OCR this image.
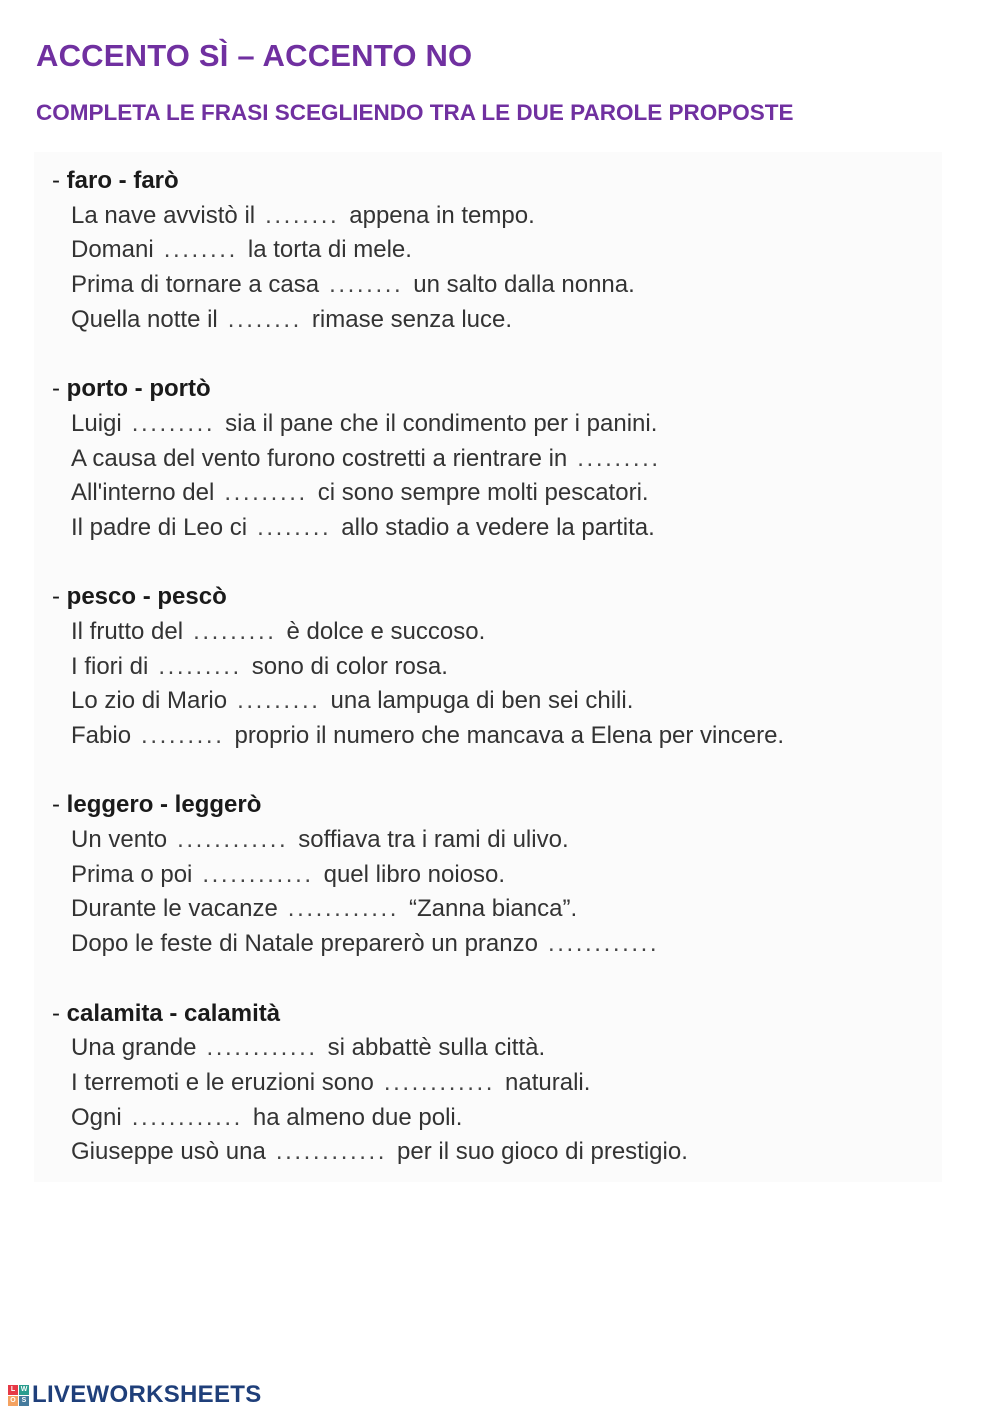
ACCENTO SÌ – ACCENTO NO
COMPLETA LE FRASI SCEGLIENDO TRA LE DUE PAROLE PROPOSTE
- faro - farò
La nave avvistò il ........ appena in tempo.
Domani ........ la torta di mele.
Prima di tornare a casa ........ un salto dalla nonna.
Quella notte il ........ rimase senza luce.
- porto - portò
Luigi ......... sia il pane che il condimento per i panini.
A causa del vento furono costretti a rientrare in .........
All'interno del ......... ci sono sempre molti pescatori.
Il padre di Leo ci ........ allo stadio a vedere la partita.
- pesco - pescò
Il frutto del ......... è dolce e succoso.
I fiori di ......... sono di color rosa.
Lo zio di Mario ......... una lampuga di ben sei chili.
Fabio ......... proprio il numero che mancava a Elena per vincere.
- leggero - leggerò
Un vento ............ soffiava tra i rami di ulivo.
Prima o poi ............ quel libro noioso.
Durante le vacanze ............ “Zanna bianca”.
Dopo le feste di Natale preparerò un pranzo ............
- calamita - calamità
Una grande ............ si abbattè sulla città.
I terremoti e le eruzioni sono ............ naturali.
Ogni ............ ha almeno due poli.
Giuseppe usò una ............ per il suo gioco di prestigio.
L W
O S LIVEWORKSHEETS
